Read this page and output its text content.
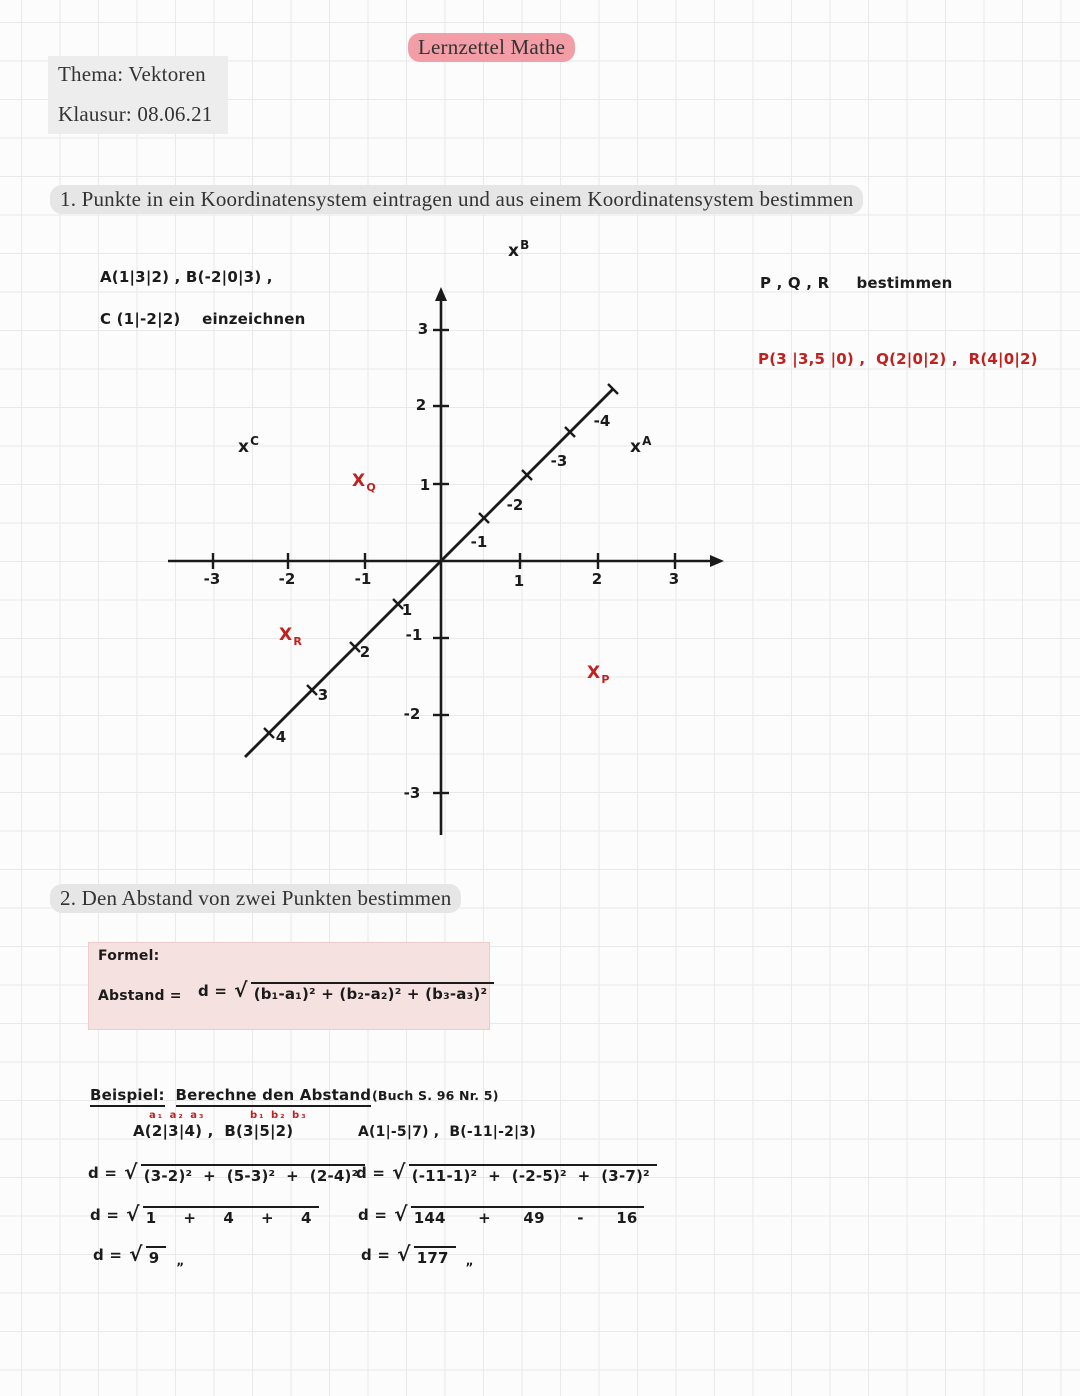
Lernzettel Mathe
Thema: Vektoren
Klausur: 08.06.21
1. Punkte in ein Koordinatensystem eintragen und aus einem Koordinatensystem bestimmen
A(1|3|2) , B(-2|0|3) ,
C (1|-2|2)    einzeichnen
P , Q , R     bestimmen
P(3 |3,5 |0) ,  Q(2|0|2) ,  R(4|0|2)
-3	-2	-1	1	2	3
3
2
1
-1
-2
-3
-1
-2
-3
-4
1
2
3
4
$x^B$
$x^C$	$x^A$
$X_Q$
$X_R$
$X_P$
2. Den Abstand von zwei Punkten bestimmen
Formel:
Abstand = d = √ (b₁-a₁)² + (b₂-a₂)² + (b₃-a₃)²
Beispiel: Berechne den Abstand (Buch S. 96 Nr. 5)
a₁ a₂ a₃	b₁ b₂ b₃
A(2|3|4) ,  B(3|5|2)
d = √ (3-2)²  +  (5-3)²  +  (2-4)²
d = √ 1     +     4     +     4
d = √ 9	„
A(1|-5|7) ,  B(-11|-2|3)
d = √ (-11-1)²  +  (-2-5)²  +  (3-7)²
d = √ 144      +      49      -      16
d = √ 177	„
